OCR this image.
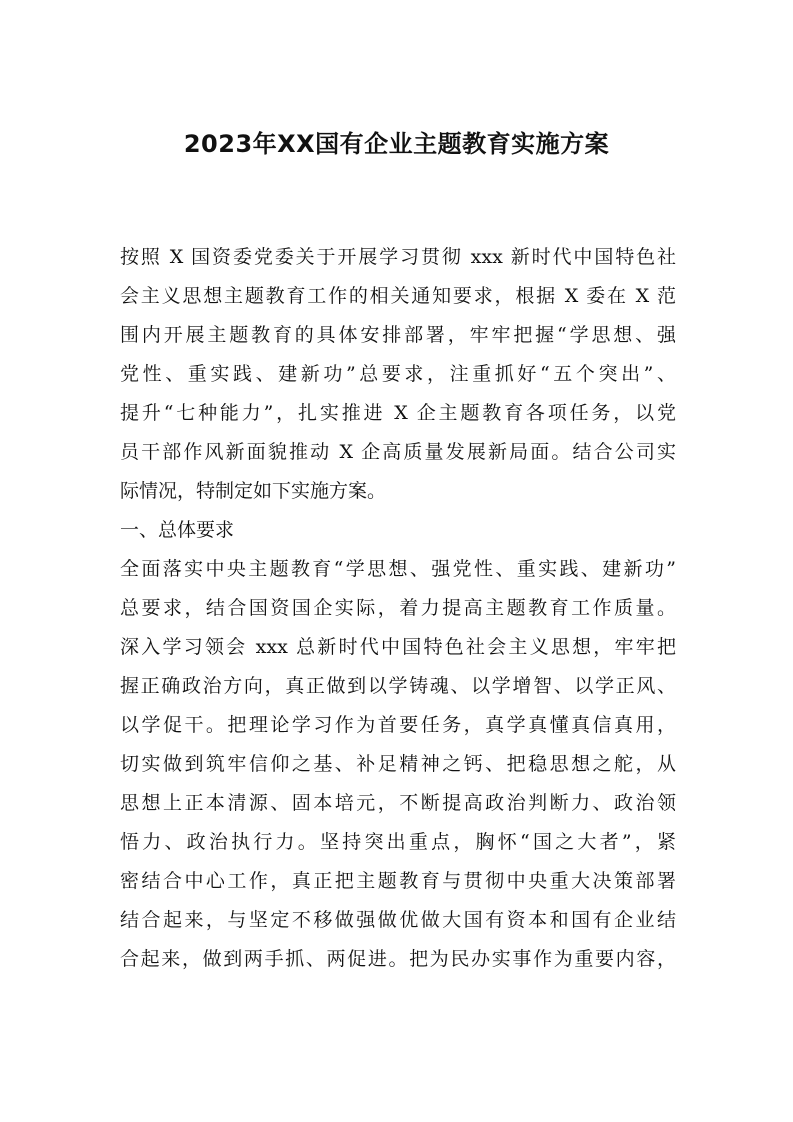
2023年XX国有企业主题教育实施方案
按照 X 国资委党委关于开展学习贯彻 xxx 新时代中国特色社
会主义思想主题教育工作的相关通知要求，根据 X 委在 X 范
围内开展主题教育的具体安排部署，牢牢把握“学思想、强
党性、重实践、建新功”总要求，注重抓好“五个突出”、
提升“七种能力”，扎实推进 X 企主题教育各项任务，以党
员干部作风新面貌推动 X 企高质量发展新局面。结合公司实
际情况，特制定如下实施方案。
一、总体要求
全面落实中央主题教育“学思想、强党性、重实践、建新功”
总要求，结合国资国企实际，着力提高主题教育工作质量。
深入学习领会 xxx 总新时代中国特色社会主义思想，牢牢把
握正确政治方向，真正做到以学铸魂、以学增智、以学正风、
以学促干。把理论学习作为首要任务，真学真懂真信真用，
切实做到筑牢信仰之基、补足精神之钙、把稳思想之舵，从
思想上正本清源、固本培元，不断提高政治判断力、政治领
悟力、政治执行力。坚持突出重点，胸怀“国之大者”，紧
密结合中心工作，真正把主题教育与贯彻中央重大决策部署
结合起来，与坚定不移做强做优做大国有资本和国有企业结
合起来，做到两手抓、两促进。把为民办实事作为重要内容，
